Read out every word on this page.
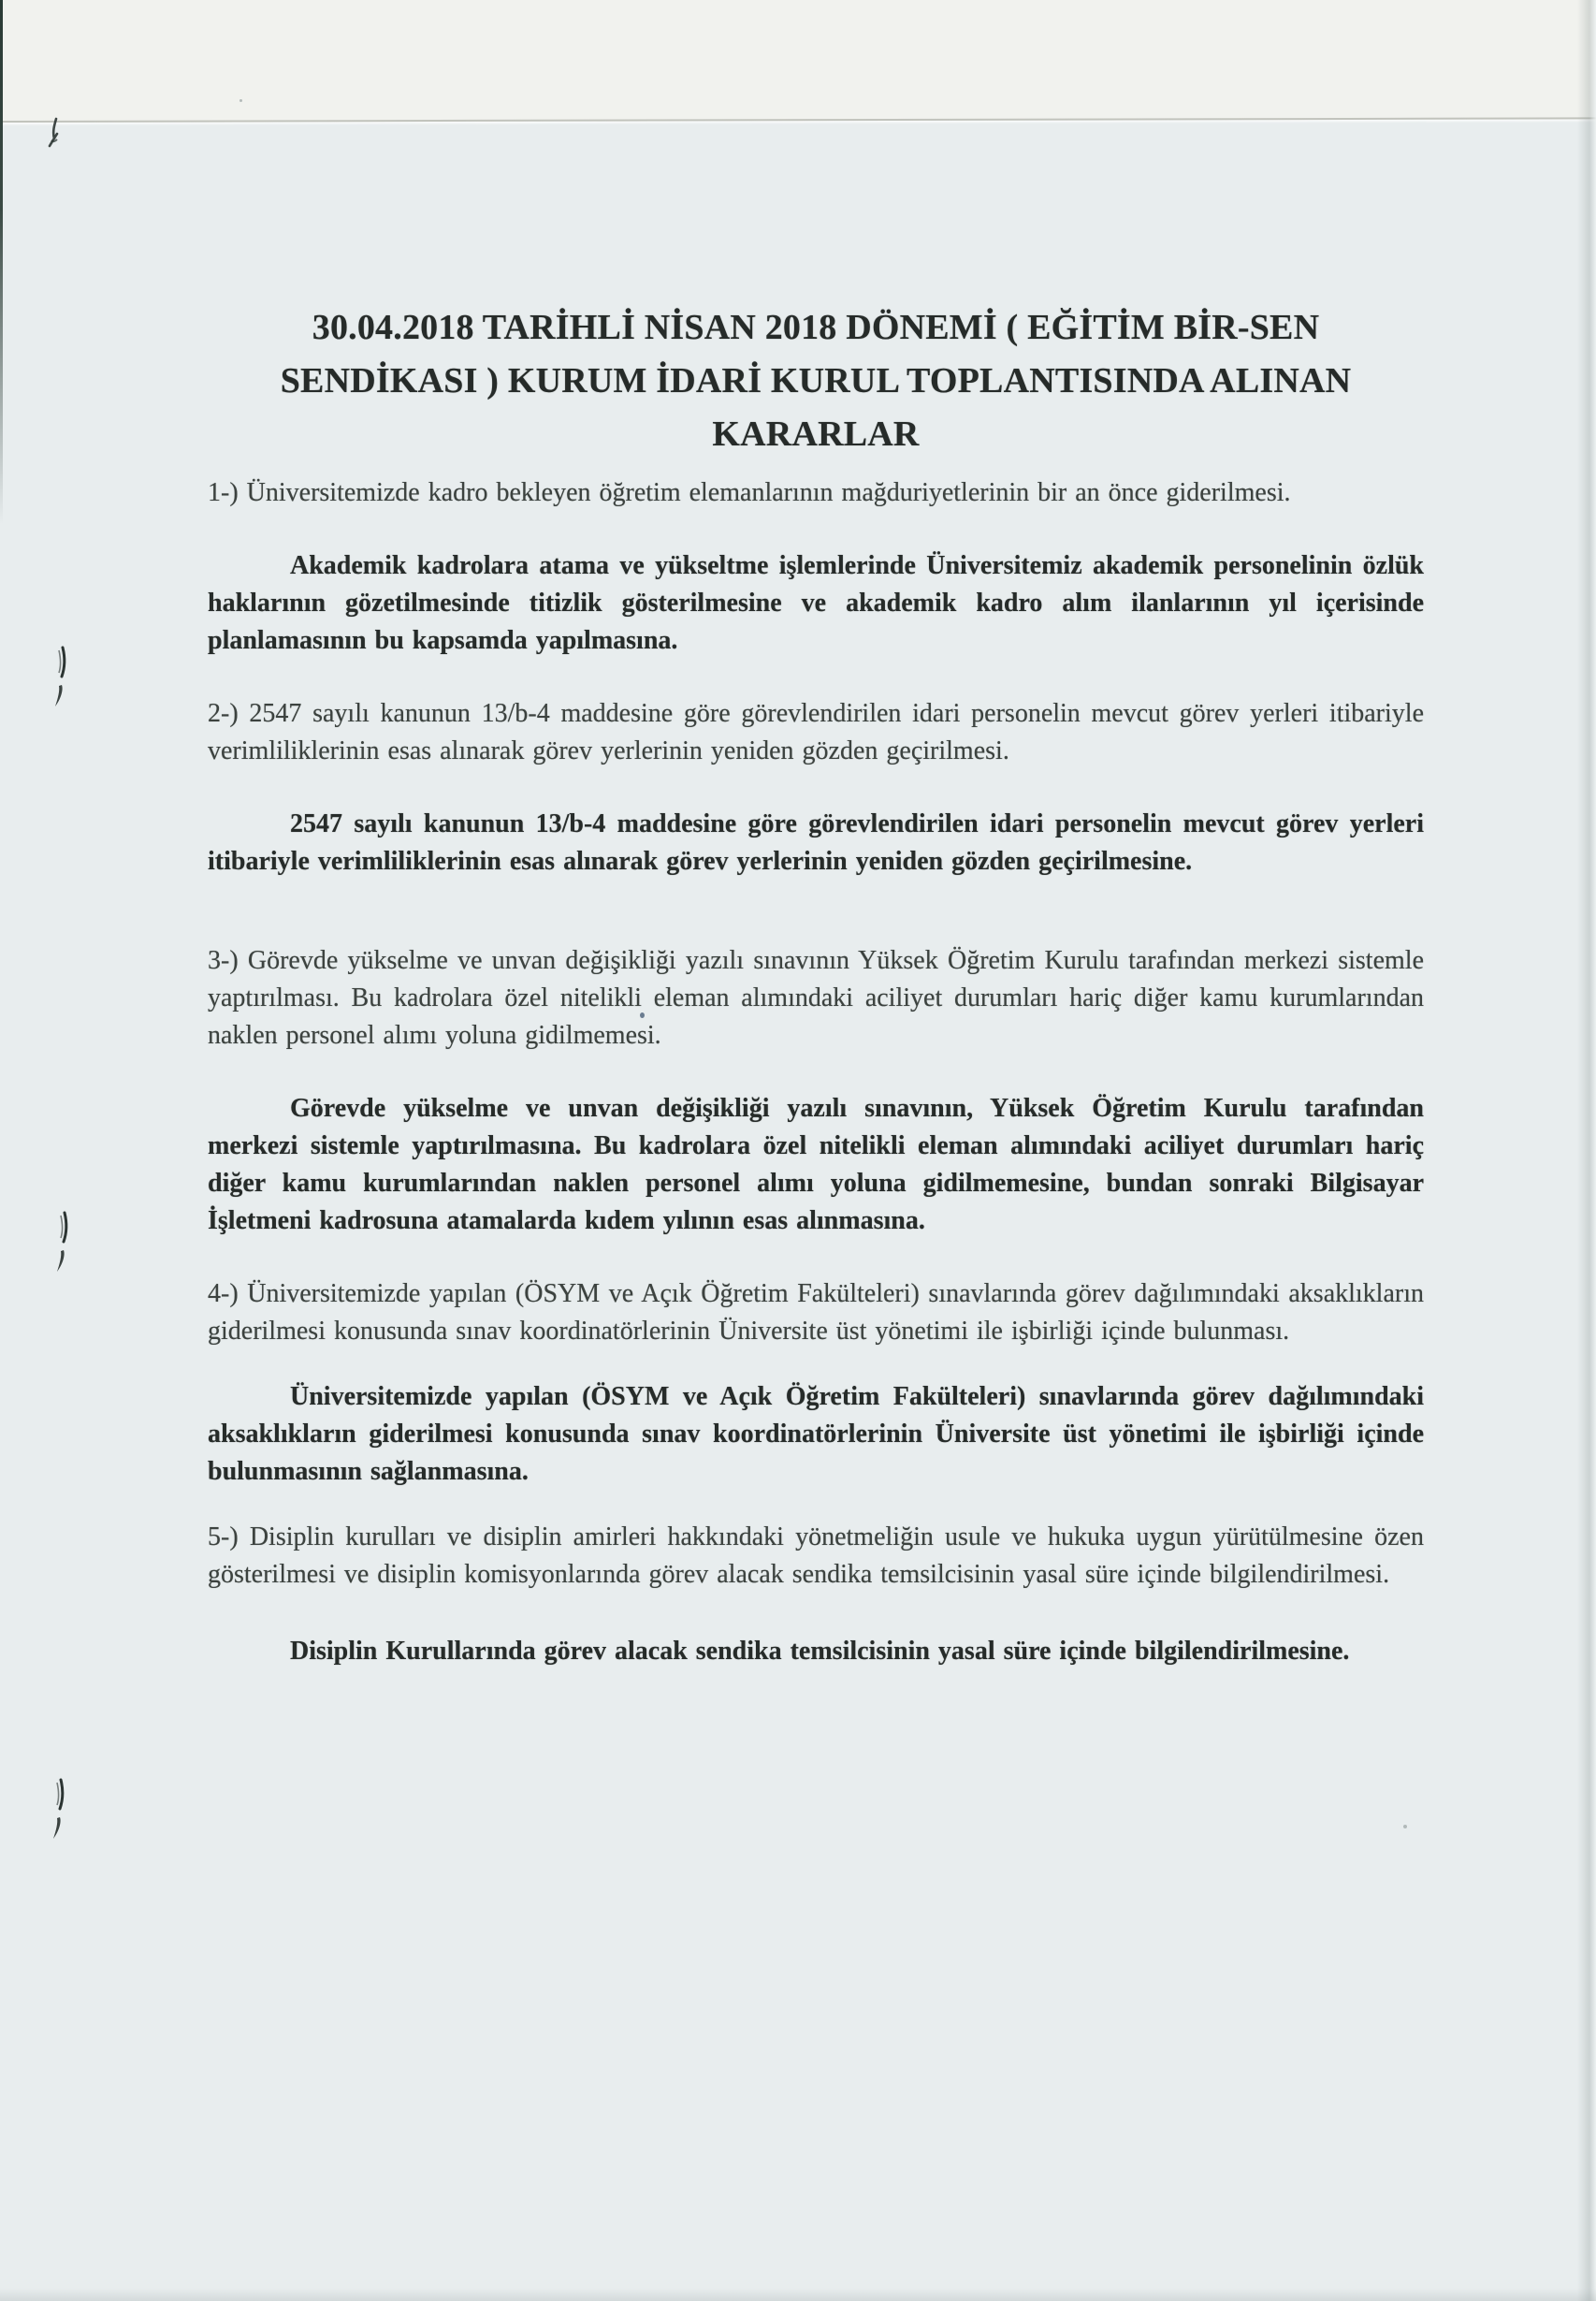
30.04.2018 TARİHLİ NİSAN 2018 DÖNEMİ ( EĞİTİM BİR-SEN
SENDİKASI ) KURUM İDARİ KURUL TOPLANTISINDA ALINAN
KARARLAR

1-) Üniversitemizde kadro bekleyen öğretim elemanlarının mağduriyetlerinin bir an önce giderilmesi.

Akademik kadrolara atama ve yükseltme işlemlerinde Üniversitemiz akademik personelinin özlük haklarının gözetilmesinde titizlik gösterilmesine ve akademik kadro alım ilanlarının yıl içerisinde planlamasının bu kapsamda yapılmasına.

2-) 2547 sayılı kanunun 13/b-4 maddesine göre görevlendirilen idari personelin mevcut görev yerleri itibariyle verimliliklerinin esas alınarak görev yerlerinin yeniden gözden geçirilmesi.

2547 sayılı kanunun 13/b-4 maddesine göre görevlendirilen idari personelin mevcut görev yerleri itibariyle verimliliklerinin esas alınarak görev yerlerinin yeniden gözden geçirilmesine.

3-) Görevde yükselme ve unvan değişikliği yazılı sınavının Yüksek Öğretim Kurulu tarafından merkezi sistemle yaptırılması. Bu kadrolara özel nitelikli eleman alımındaki aciliyet durumları hariç diğer kamu kurumlarından naklen personel alımı yoluna gidilmemesi.

Görevde yükselme ve unvan değişikliği yazılı sınavının, Yüksek Öğretim Kurulu tarafından merkezi sistemle yaptırılmasına. Bu kadrolara özel nitelikli eleman alımındaki aciliyet durumları hariç diğer kamu kurumlarından naklen personel alımı yoluna gidilmemesine, bundan sonraki Bilgisayar İşletmeni kadrosuna atamalarda kıdem yılının esas alınmasına.

4-) Üniversitemizde yapılan (ÖSYM ve Açık Öğretim Fakülteleri) sınavlarında görev dağılımındaki aksaklıkların giderilmesi konusunda sınav koordinatörlerinin Üniversite üst yönetimi ile işbirliği içinde bulunması.

Üniversitemizde yapılan (ÖSYM ve Açık Öğretim Fakülteleri) sınavlarında görev dağılımındaki aksaklıkların giderilmesi konusunda sınav koordinatörlerinin Üniversite üst yönetimi ile işbirliği içinde bulunmasının sağlanmasına.

5-) Disiplin kurulları ve disiplin amirleri hakkındaki yönetmeliğin usule ve hukuka uygun yürütülmesine özen gösterilmesi ve disiplin komisyonlarında görev alacak sendika temsilcisinin yasal süre içinde bilgilendirilmesi.

Disiplin Kurullarında görev alacak sendika temsilcisinin yasal süre içinde bilgilendirilmesine.
